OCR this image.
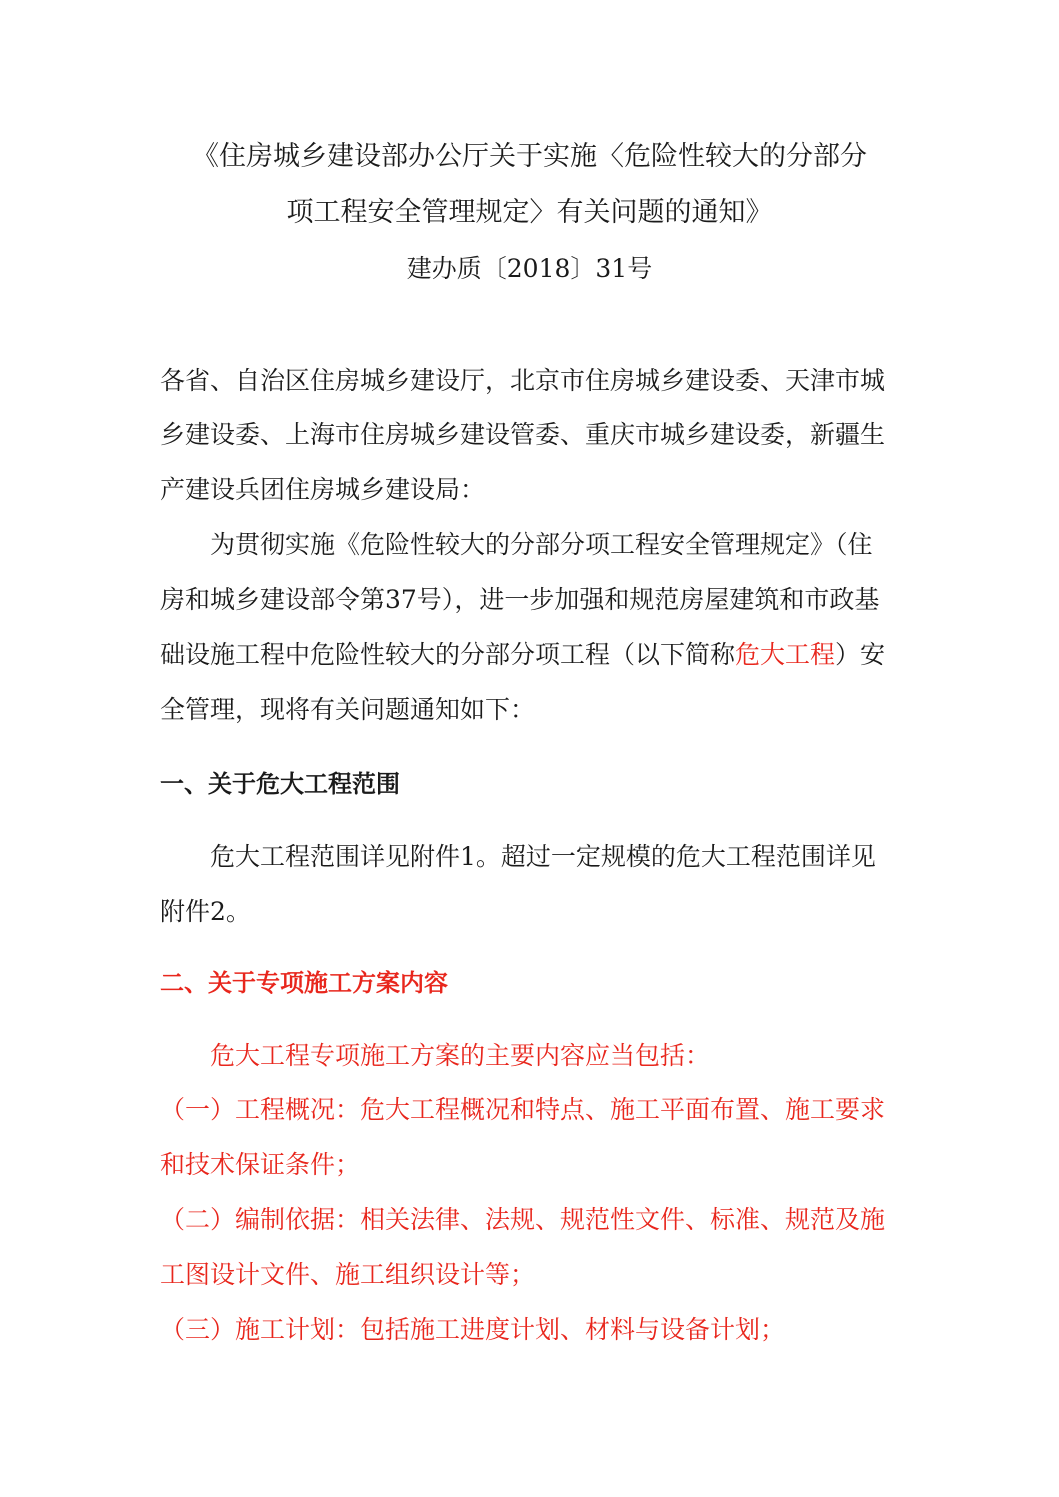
《住房城乡建设部办公厅关于实施〈危险性较大的分部分
项工程安全管理规定〉有关问题的通知》
建办质〔2018〕31号
各省、自治区住房城乡建设厅，北京市住房城乡建设委、天津市城
乡建设委、上海市住房城乡建设管委、重庆市城乡建设委，新疆生
产建设兵团住房城乡建设局：
为贯彻实施《危险性较大的分部分项工程安全管理规定》（住
房和城乡建设部令第37号），进一步加强和规范房屋建筑和市政基
础设施工程中危险性较大的分部分项工程（以下简称危大工程）安
全管理，现将有关问题通知如下：
一、关于危大工程范围
危大工程范围详见附件1。超过一定规模的危大工程范围详见
附件2。
二、关于专项施工方案内容
危大工程专项施工方案的主要内容应当包括：
（一）工程概况：危大工程概况和特点、施工平面布置、施工要求
和技术保证条件；
（二）编制依据：相关法律、法规、规范性文件、标准、规范及施
工图设计文件、施工组织设计等；
（三）施工计划：包括施工进度计划、材料与设备计划；
